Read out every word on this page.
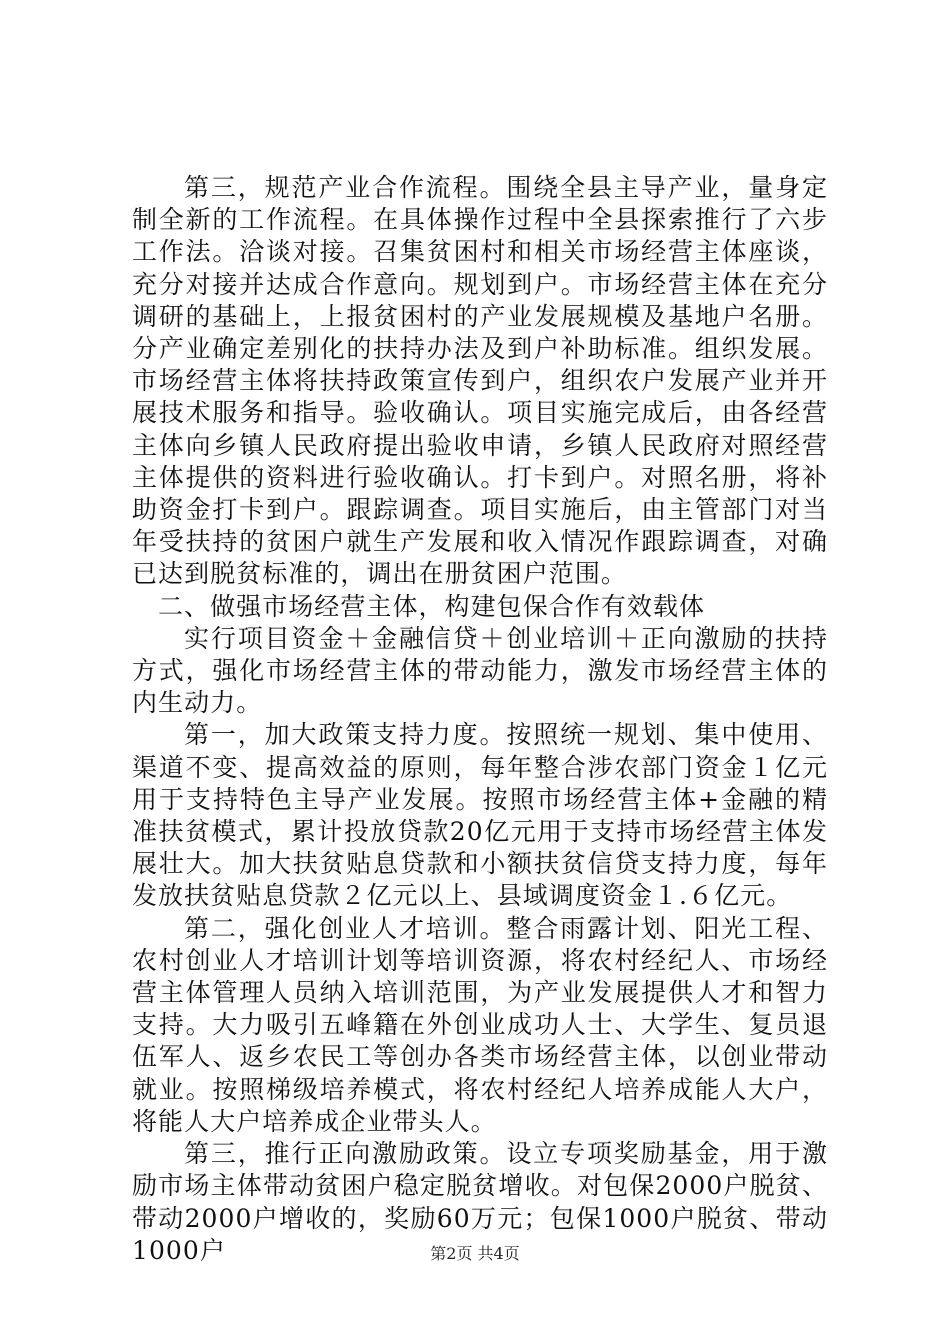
第三，规范产业合作流程。围绕全县主导产业，量身定制全新的工作流程。在具体操作过程中全县探索推行了六步工作法。洽谈对接。召集贫困村和相关市场经营主体座谈，充分对接并达成合作意向。规划到户。市场经营主体在充分调研的基础上，上报贫困村的产业发展规模及基地户名册。分产业确定差别化的扶持办法及到户补助标准。组织发展。市场经营主体将扶持政策宣传到户，组织农户发展产业并开展技术服务和指导。验收确认。项目实施完成后，由各经营主体向乡镇人民政府提出验收申请，乡镇人民政府对照经营主体提供的资料进行验收确认。打卡到户。对照名册，将补助资金打卡到户。跟踪调查。项目实施后，由主管部门对当年受扶持的贫困户就生产发展和收入情况作跟踪调查，对确已达到脱贫标准的，调出在册贫困户范围。

二、做强市场经营主体，构建包保合作有效载体

实行项目资金＋金融信贷＋创业培训＋正向激励的扶持方式，强化市场经营主体的带动能力，激发市场经营主体的内生动力。

第一，加大政策支持力度。按照统一规划、集中使用、渠道不变、提高效益的原则，每年整合涉农部门资金１亿元用于支持特色主导产业发展。按照市场经营主体+金融的精准扶贫模式，累计投放贷款20亿元用于支持市场经营主体发展壮大。加大扶贫贴息贷款和小额扶贫信贷支持力度，每年发放扶贫贴息贷款２亿元以上、县域调度资金１.６亿元。

第二，强化创业人才培训。整合雨露计划、阳光工程、农村创业人才培训计划等培训资源，将农村经纪人、市场经营主体管理人员纳入培训范围，为产业发展提供人才和智力支持。大力吸引五峰籍在外创业成功人士、大学生、复员退伍军人、返乡农民工等创办各类市场经营主体，以创业带动就业。按照梯级培养模式，将农村经纪人培养成能人大户，将能人大户培养成企业带头人。

第三，推行正向激励政策。设立专项奖励基金，用于激励市场主体带动贫困户稳定脱贫增收。对包保2000户脱贫、带动2000户增收的，奖励60万元；包保1000户脱贫、带动1000户	第2页 共4页
